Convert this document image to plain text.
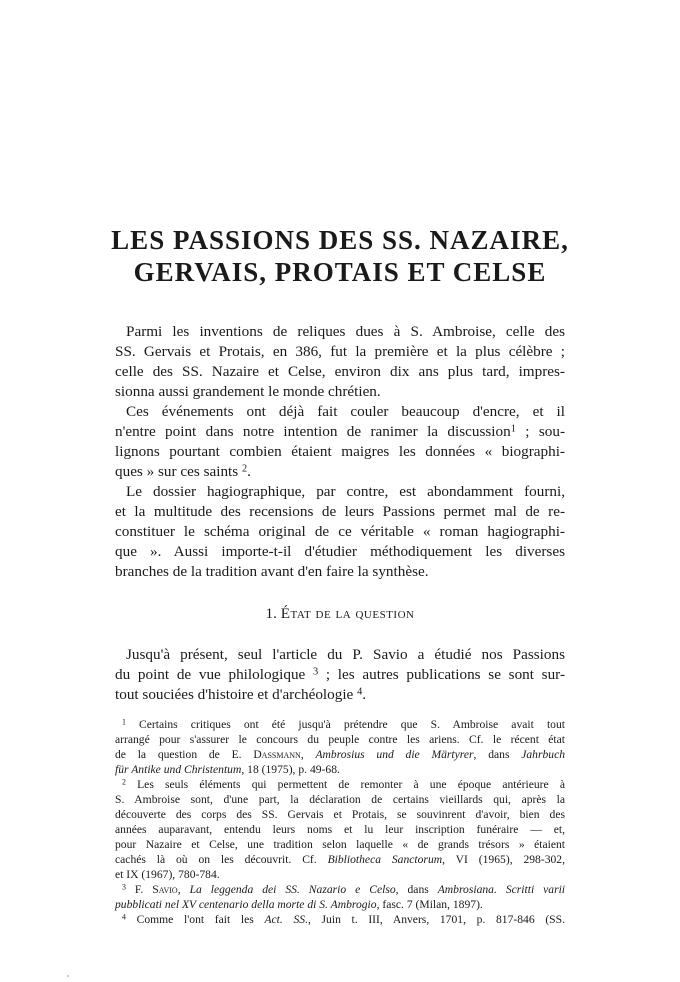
LES PASSIONS DES SS. NAZAIRE,
GERVAIS, PROTAIS ET CELSE
Parmi les inventions de reliques dues à S. Ambroise, celle des
SS. Gervais et Protais, en 386, fut la première et la plus célèbre ;
celle des SS. Nazaire et Celse, environ dix ans plus tard, impres-
sionna aussi grandement le monde chrétien.
Ces événements ont déjà fait couler beaucoup d'encre, et il
n'entre point dans notre intention de ranimer la discussion$^1$ ; sou-
lignons pourtant combien étaient maigres les données « biographi-
ques » sur ces saints $^2$.
Le dossier hagiographique, par contre, est abondamment fourni,
et la multitude des recensions de leurs Passions permet mal de re-
constituer le schéma original de ce véritable « roman hagiographi-
que ». Aussi importe-t-il d'étudier méthodiquement les diverses
branches de la tradition avant d'en faire la synthèse.
1. État de la question
Jusqu'à présent, seul l'article du P. Savio a étudié nos Passions
du point de vue philologique $^3$ ; les autres publications se sont sur-
tout souciées d'histoire et d'archéologie $^4$.
$^1$ Certains critiques ont été jusqu'à prétendre que S. Ambroise avait tout
arrangé pour s'assurer le concours du peuple contre les ariens. Cf. le récent état
de la question de E. Dassmann, Ambrosius und die Märtyrer, dans Jahrbuch
für Antike und Christentum, 18 (1975), p. 49-68.
$^2$ Les seuls éléments qui permettent de remonter à une époque antérieure à
S. Ambroise sont, d'une part, la déclaration de certains vieillards qui, après la
découverte des corps des SS. Gervais et Protais, se souvinrent d'avoir, bien des
années auparavant, entendu leurs noms et lu leur inscription funéraire — et,
pour Nazaire et Celse, une tradition selon laquelle « de grands trésors » étaient
cachés là où on les découvrit. Cf. Bibliotheca Sanctorum, VI (1965), 298-302,
et IX (1967), 780-784.
$^3$ F. Savio, La leggenda dei SS. Nazario e Celso, dans Ambrosiana. Scritti varii
pubblicati nel XV centenario della morte di S. Ambrogio, fasc. 7 (Milan, 1897).
$^4$ Comme l'ont fait les Act. SS., Juin t. III, Anvers, 1701, p. 817-846 (SS.
